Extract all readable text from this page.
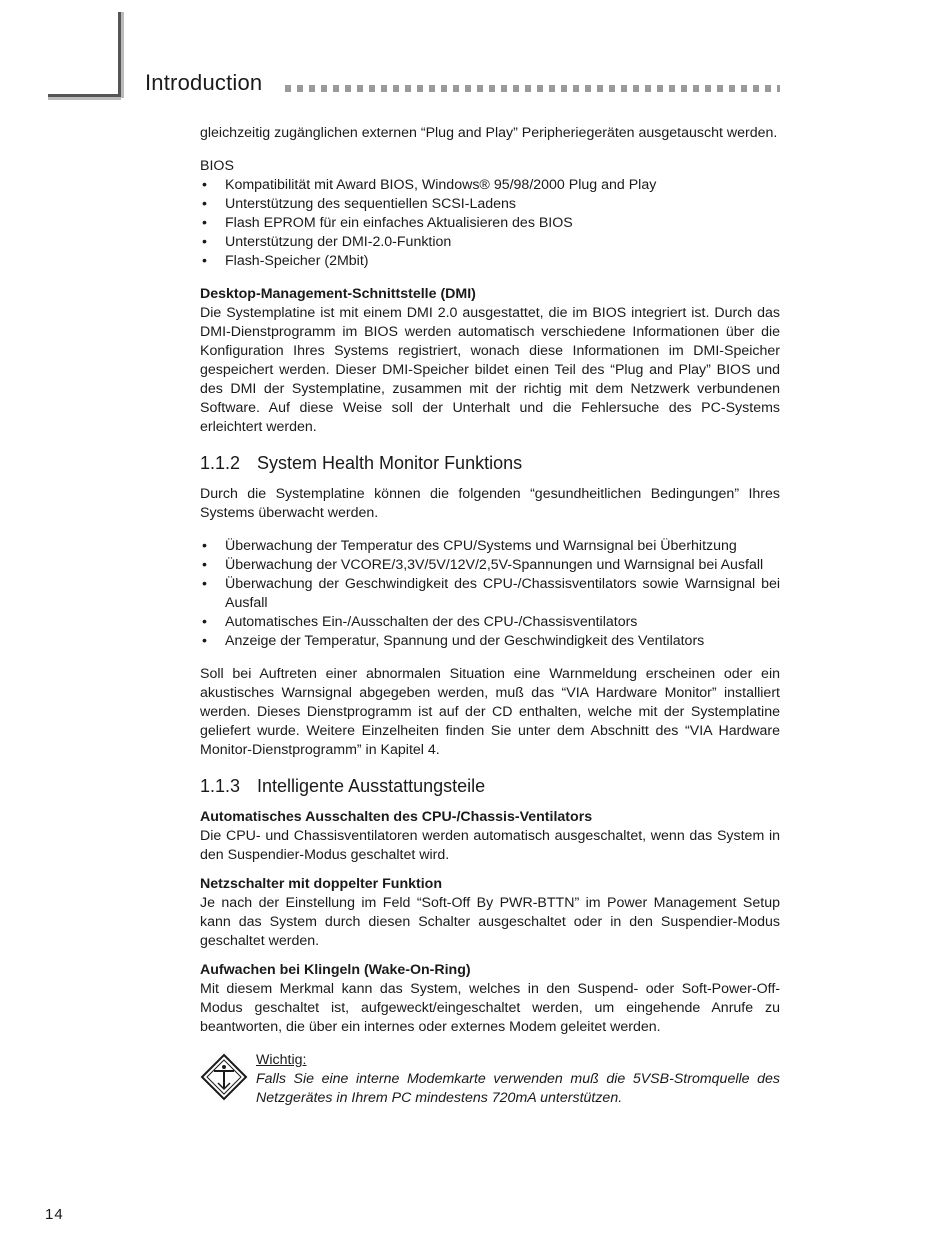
Introduction

gleichzeitig zugänglichen externen “Plug and Play” Peripheriegeräten ausgetauscht werden.

BIOS
• Kompatibilität mit Award BIOS, Windows® 95/98/2000 Plug and Play
• Unterstützung des sequentiellen SCSI-Ladens
• Flash EPROM für ein einfaches Aktualisieren des BIOS
• Unterstützung der DMI-2.0-Funktion
• Flash-Speicher (2Mbit)
Desktop-Management-Schnittstelle (DMI)

Die Systemplatine ist mit einem DMI 2.0 ausgestattet, die im BIOS integriert ist. Durch das DMI-Dienstprogramm im BIOS werden automatisch verschiedene Informationen über die Konfiguration Ihres Systems registriert, wonach diese Informationen im DMI-Speicher gespeichert werden. Dieser DMI-Speicher bildet einen Teil des “Plug and Play” BIOS und des DMI der Systemplatine, zusammen mit der richtig mit dem Netzwerk verbundenen Software. Auf diese Weise soll der Unterhalt und die Fehlersuche des PC-Systems erleichtert werden.

1.1.2 System Health Monitor Funktions

Durch die Systemplatine können die folgenden “gesundheitlichen Bedingungen” Ihres Systems überwacht werden.

• Überwachung der Temperatur des CPU/Systems und Warnsignal bei Überhitzung
• Überwachung der VCORE/3,3V/5V/12V/2,5V-Spannungen und Warnsignal bei Ausfall
• Überwachung der Geschwindigkeit des CPU-/Chassisventilators sowie Warnsignal bei Ausfall
• Automatisches Ein-/Ausschalten der des CPU-/Chassisventilators
• Anzeige der Temperatur, Spannung und der Geschwindigkeit des Ventilators

Soll bei Auftreten einer abnormalen Situation eine Warnmeldung erscheinen oder ein akustisches Warnsignal abgegeben werden, muß das “VIA Hardware Monitor” installiert werden. Dieses Dienstprogramm ist auf der CD enthalten, welche mit der Systemplatine geliefert wurde. Weitere Einzelheiten finden Sie unter dem Abschnitt des “VIA Hardware Monitor-Dienstprogramm” in Kapitel 4.

1.1.3 Intelligente Ausstattungsteile
Automatisches Ausschalten des CPU-/Chassis-Ventilators

Die CPU- und Chassisventilatoren werden automatisch ausgeschaltet, wenn das System in den Suspendier-Modus geschaltet wird.

Netzschalter mit doppelter Funktion

Je nach der Einstellung im Feld “Soft-Off By PWR-BTTN” im Power Management Setup kann das System durch diesen Schalter ausgeschaltet oder in den Suspendier-Modus geschaltet werden.

Aufwachen bei Klingeln (Wake-On-Ring)

Mit diesem Merkmal kann das System, welches in den Suspend- oder Soft-Power-Off-Modus geschaltet ist, aufgeweckt/eingeschaltet werden, um eingehende Anrufe zu beantworten, die über ein internes oder externes Modem geleitet werden.

Wichtig:

Falls Sie eine interne Modemkarte verwenden muß die 5VSB-Stromquelle des Netzgerätes in Ihrem PC mindestens 720mA unterstützen.

14
